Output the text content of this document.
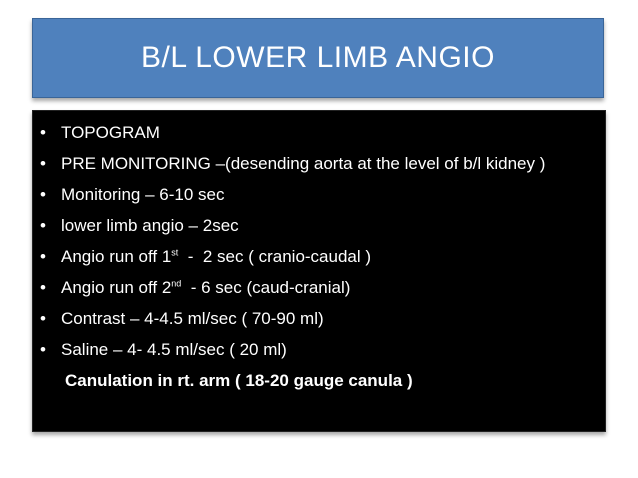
B/L LOWER LIMB ANGIO
• TOPOGRAM
• PRE MONITORING –(desending aorta at the level of b/l kidney )
• Monitoring – 6-10 sec
• lower limb angio – 2sec
• Angio run off 1st  -  2 sec ( cranio-caudal )
• Angio run off 2nd  - 6 sec (caud-cranial)
• Contrast – 4-4.5 ml/sec ( 70-90 ml)
• Saline – 4- 4.5 ml/sec ( 20 ml)
Canulation in rt. arm ( 18-20 gauge canula )
